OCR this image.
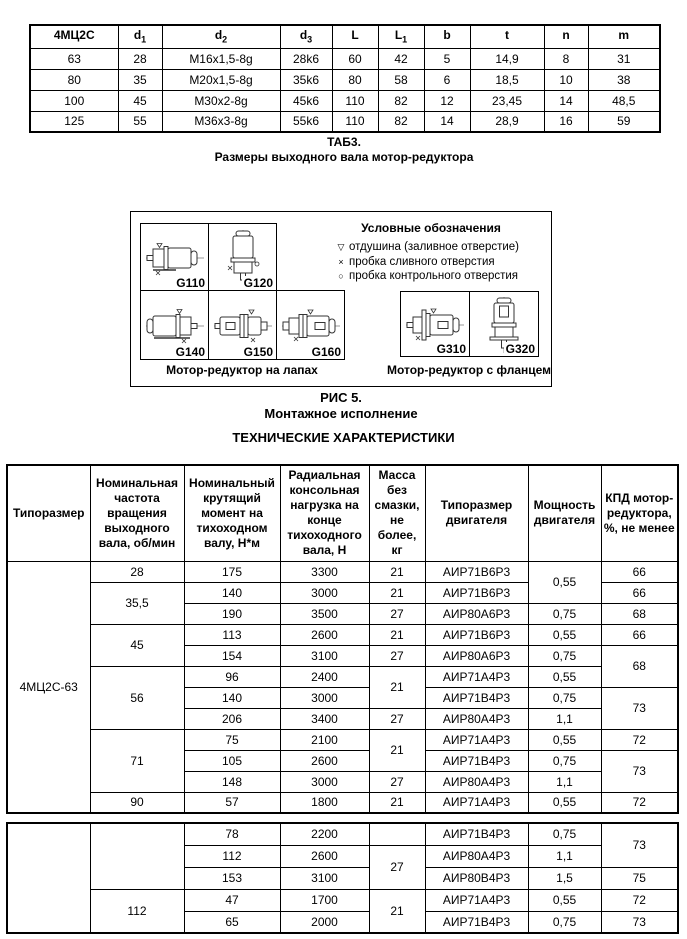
4МЦ2С	$d_1$	$d_2$	$d_3$	L	$L_1$	b	t	n	m
63	28	M16x1,5-8g	28k6	60	42	5	14,9	8	31
80	35	M20x1,5-8g	35k6	80	58	6	18,5	10	38
100	45	M30x2-8g	45k6	110	82	12	23,45	14	48,5
125	55	M36x3-8g	55k6	110	82	14	28,9	16	59
ТАБ3.
Размеры выходного вала мотор-редуктора
G110	G120	

G140	G150	G160
Условные обозначения
▽ отдушина (заливное отверстие)
× пробка сливного отверстия
○ пробка контрольного отверстия
G310	G320
Мотор-редуктор на лапах	Мотор-редуктор с фланцем
РИС 5.
Монтажное исполнение
ТЕХНИЧЕСКИЕ ХАРАКТЕРИСТИКИ
Типоразмер	Номинальная частота вращения выходного вала, об/мин	Номинальный крутящий момент на тихоходном валу, Н*м	Радиальная консольная нагрузка на конце тихоходного вала, Н	Масса без смазки, не более, кг	Типоразмер двигателя	Мощность двигателя	КПД мотор-редуктора, %, не менее
4МЦ2С-63	28	175	3300	21	АИР71В6Р3	0,55	66
	35,5	140	3000	21	АИР71В6Р3		66
		190	3500	27	АИР80А6Р3	0,75	68
	45	113	2600	21	АИР71В6Р3	0,55	66
		154	3100	27	АИР80А6Р3	0,75	68
	56	96	2400	21	АИР71А4Р3	0,55	
		140	3000		АИР71В4Р3	0,75	73
		206	3400	27	АИР80А4Р3	1,1	
	71	75	2100	21	АИР71А4Р3	0,55	72
		105	2600		АИР71В4Р3	0,75	73
		148	3000	27	АИР80А4Р3	1,1	
	90	57	1800	21	АИР71А4Р3	0,55	72
		78	2200		АИР71В4Р3	0,75	73
		112	2600	27	АИР80А4Р3	1,1	
		153	3100		АИР80В4Р3	1,5	75
	112	47	1700	21	АИР71А4Р3	0,55	72
		65	2000		АИР71В4Р3	0,75	73
